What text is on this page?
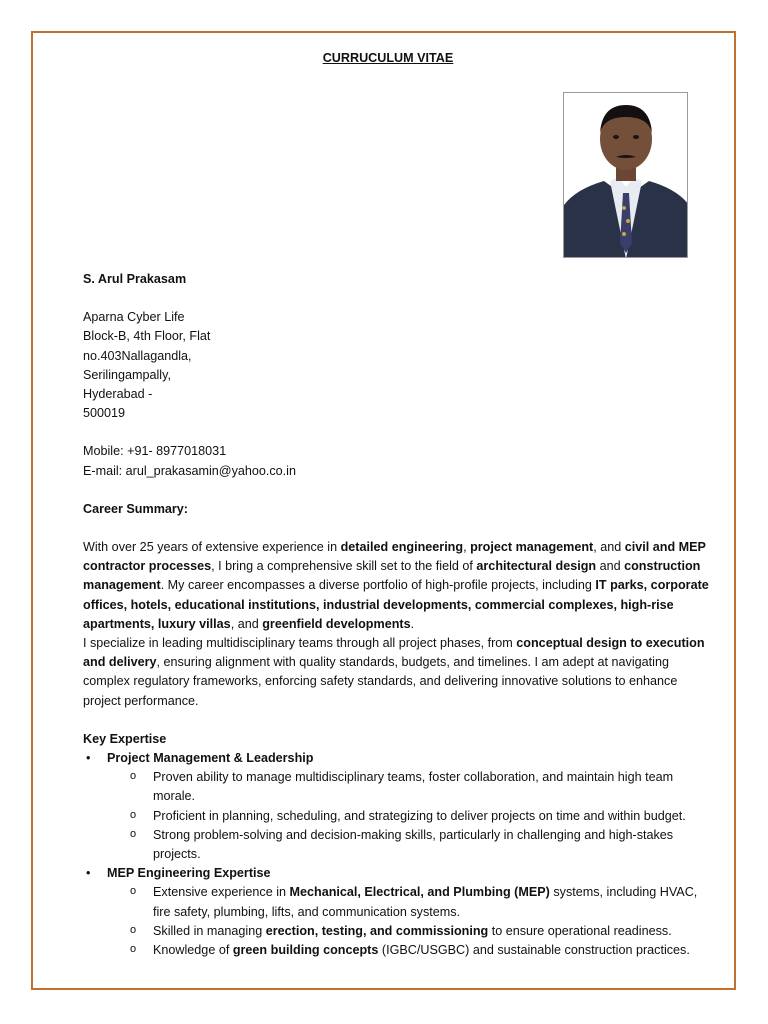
CURRUCULUM VITAE

S. Arul Prakasam

Aparna Cyber Life

Block-B, 4th Floor, Flat

no.403Nallagandla,

Serilingampally,

Hyderabad -

500019

Mobile: +91- 8977018031

E-mail: arul_prakasamin@yahoo.co.in

Career Summary:

With over 25 years of extensive experience in detailed engineering, project management, and civil and MEP contractor processes, I bring a comprehensive skill set to the field of architectural design and construction management. My career encompasses a diverse portfolio of high-profile projects, including IT parks, corporate offices, hotels, educational institutions, industrial developments, commercial complexes, high-rise apartments, luxury villas, and greenfield developments.

I specialize in leading multidisciplinary teams through all project phases, from conceptual design to execution and delivery, ensuring alignment with quality standards, budgets, and timelines. I am adept at navigating complex regulatory frameworks, enforcing safety standards, and delivering innovative solutions to enhance project performance.

Key Expertise

• Project Management & Leadership
o Proven ability to manage multidisciplinary teams, foster collaboration, and maintain high team morale.
o Proficient in planning, scheduling, and strategizing to deliver projects on time and within budget.
o Strong problem-solving and decision-making skills, particularly in challenging and high-stakes projects.
• MEP Engineering Expertise
o Extensive experience in Mechanical, Electrical, and Plumbing (MEP) systems, including HVAC, fire safety, plumbing, lifts, and communication systems.
o Skilled in managing erection, testing, and commissioning to ensure operational readiness.
o Knowledge of green building concepts (IGBC/USGBC) and sustainable construction practices.
